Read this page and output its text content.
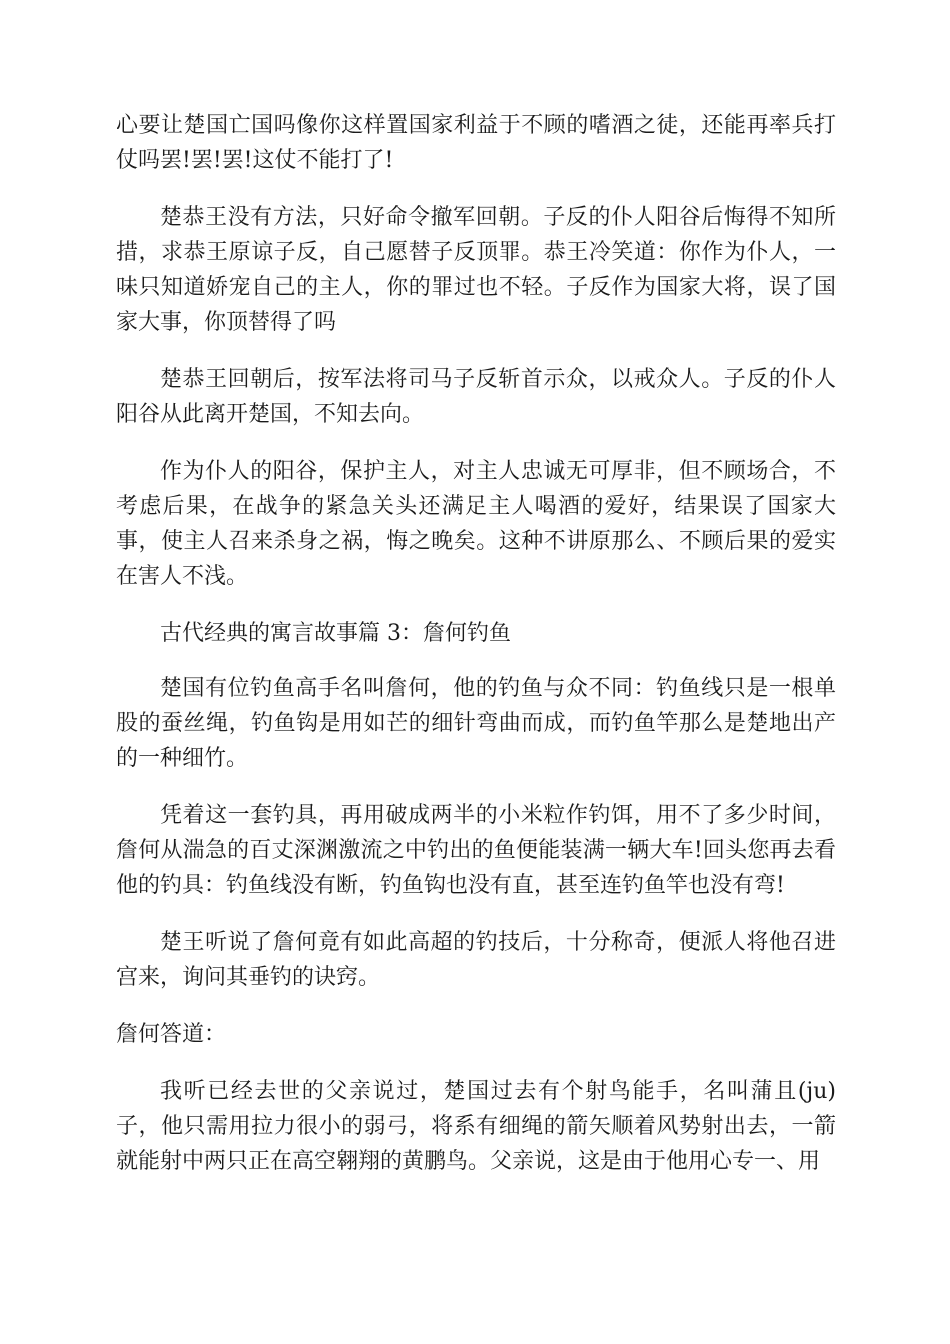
心要让楚国亡国吗像你这样置国家利益于不顾的嗜酒之徒，还能再率兵打仗吗罢!罢!罢!这仗不能打了!

楚恭王没有方法，只好命令撤军回朝。子反的仆人阳谷后悔得不知所措，求恭王原谅子反，自己愿替子反顶罪。恭王冷笑道：你作为仆人，一味只知道娇宠自己的主人，你的罪过也不轻。子反作为国家大将，误了国家大事，你顶替得了吗

楚恭王回朝后，按军法将司马子反斩首示众，以戒众人。子反的仆人阳谷从此离开楚国，不知去向。

作为仆人的阳谷，保护主人，对主人忠诚无可厚非，但不顾场合，不考虑后果，在战争的紧急关头还满足主人喝酒的爱好，结果误了国家大事，使主人召来杀身之祸，悔之晚矣。这种不讲原那么、不顾后果的爱实在害人不浅。

古代经典的寓言故事篇 3：詹何钓鱼

楚国有位钓鱼高手名叫詹何，他的钓鱼与众不同：钓鱼线只是一根单股的蚕丝绳，钓鱼钩是用如芒的细针弯曲而成，而钓鱼竿那么是楚地出产的一种细竹。

凭着这一套钓具，再用破成两半的小米粒作钓饵，用不了多少时间，詹何从湍急的百丈深渊激流之中钓出的鱼便能装满一辆大车!回头您再去看他的钓具：钓鱼线没有断，钓鱼钩也没有直，甚至连钓鱼竿也没有弯!

楚王听说了詹何竟有如此高超的钓技后，十分称奇，便派人将他召进宫来，询问其垂钓的诀窍。

詹何答道：

我听已经去世的父亲说过，楚国过去有个射鸟能手，名叫蒲且(ju)子，他只需用拉力很小的弱弓，将系有细绳的箭矢顺着风势射出去，一箭就能射中两只正在高空翱翔的黄鹏鸟。父亲说，这是由于他用心专一、用
